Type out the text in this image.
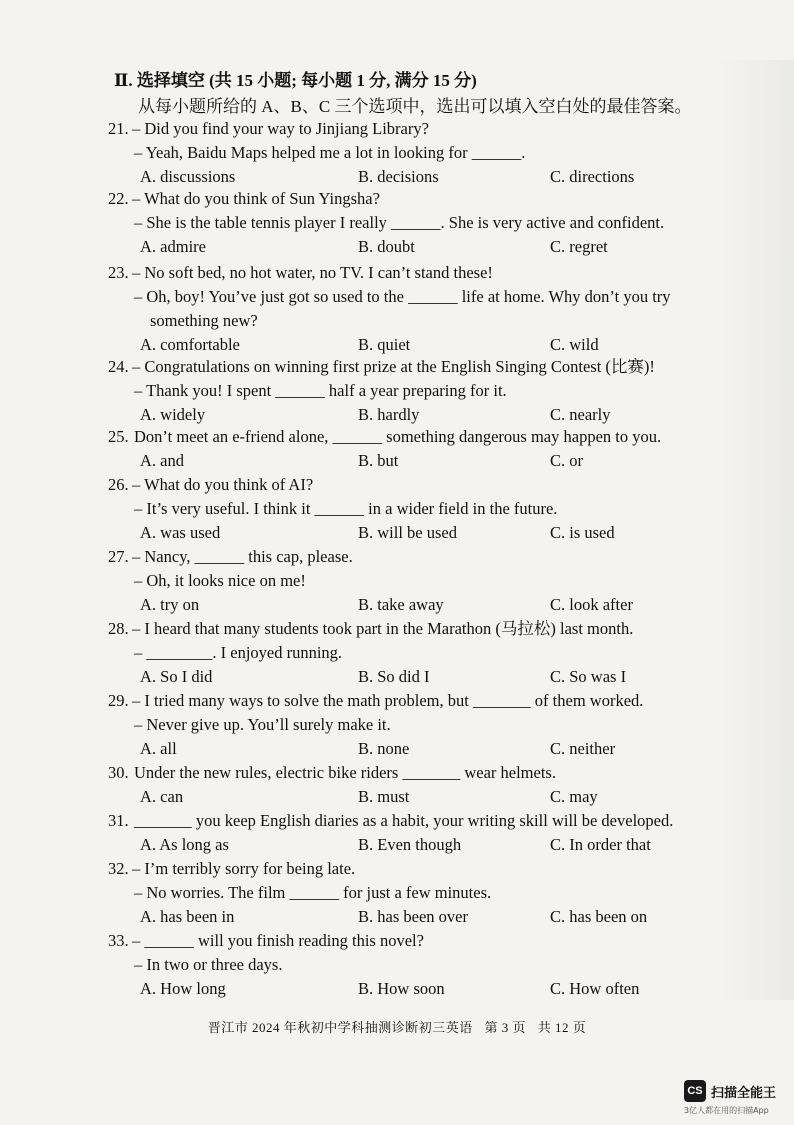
Ⅱ. 选择填空 (共 15 小题; 每小题 1 分, 满分 15 分)
从每小题所给的 A、B、C 三个选项中，选出可以填入空白处的最佳答案。
21. – Did you find your way to Jinjiang Library?
– Yeah, Baidu Maps helped me a lot in looking for ______.
A. discussions	B. decisions	C. directions
22. – What do you think of Sun Yingsha?
– She is the table tennis player I really ______. She is very active and confident.
A. admire	B. doubt	C. regret
23. – No soft bed, no hot water, no TV. I can’t stand these!
– Oh, boy! You’ve just got so used to the ______ life at home. Why don’t you try
something new?
A. comfortable	B. quiet	C. wild
24. – Congratulations on winning first prize at the English Singing Contest (比赛)!
– Thank you! I spent ______ half a year preparing for it.
A. widely	B. hardly	C. nearly
25. Don’t meet an e-friend alone, ______ something dangerous may happen to you.
A. and	B. but	C. or
26. – What do you think of AI?
– It’s very useful. I think it ______ in a wider field in the future.
A. was used	B. will be used	C. is used
27. – Nancy, ______ this cap, please.
– Oh, it looks nice on me!
A. try on	B. take away	C. look after
28. – I heard that many students took part in the Marathon (马拉松) last month.
– ________. I enjoyed running.
A. So I did	B. So did I	C. So was I
29. – I tried many ways to solve the math problem, but _______ of them worked.
– Never give up. You’ll surely make it.
A. all	B. none	C. neither
30. Under the new rules, electric bike riders _______ wear helmets.
A. can	B. must	C. may
31. _______ you keep English diaries as a habit, your writing skill will be developed.
A. As long as	B. Even though	C. In order that
32. – I’m terribly sorry for being late.
– No worries. The film ______ for just a few minutes.
A. has been in	B. has been over	C. has been on
33. – ______ will you finish reading this novel?
– In two or three days.
A. How long	B. How soon	C. How often
晋江市 2024 年秋初中学科抽测诊断初三英语 第 3 页 共 12 页
CS 扫描全能王
3亿人都在用的扫描App
